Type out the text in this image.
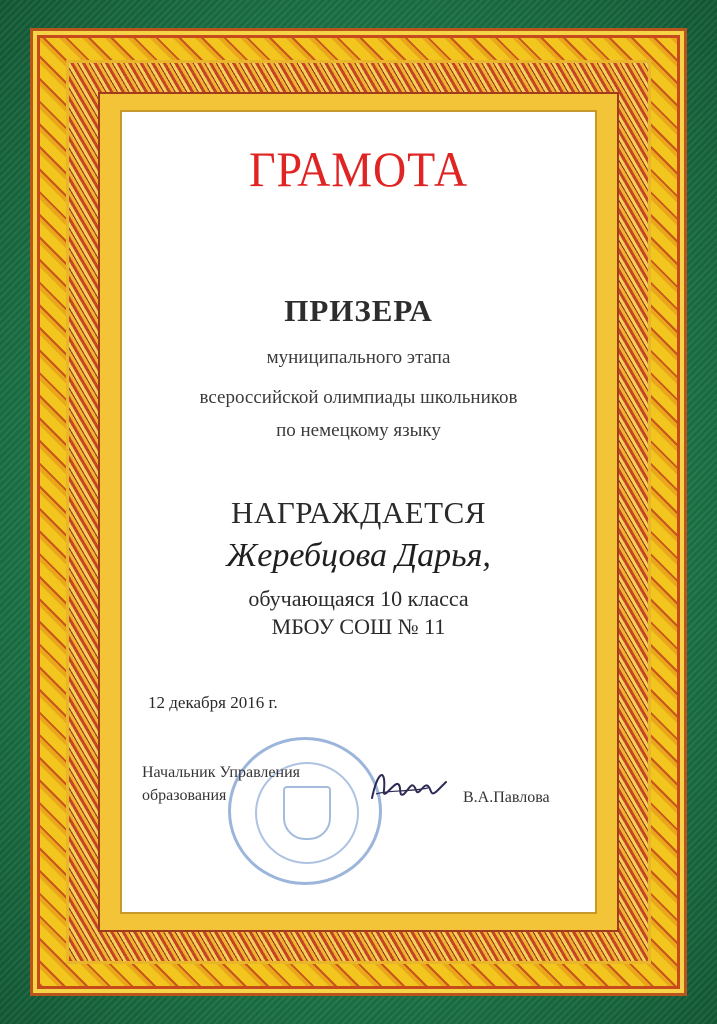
ГРАМОТА
ПРИЗЕРА
муниципального этапа
всероссийской олимпиады школьников
по немецкому языку
НАГРАЖДАЕТСЯ
Жеребцова Дарья,
обучающаяся 10 класса
МБОУ СОШ № 11
12 декабря 2016 г.
Начальник Управления
образования	В.А.Павлова
